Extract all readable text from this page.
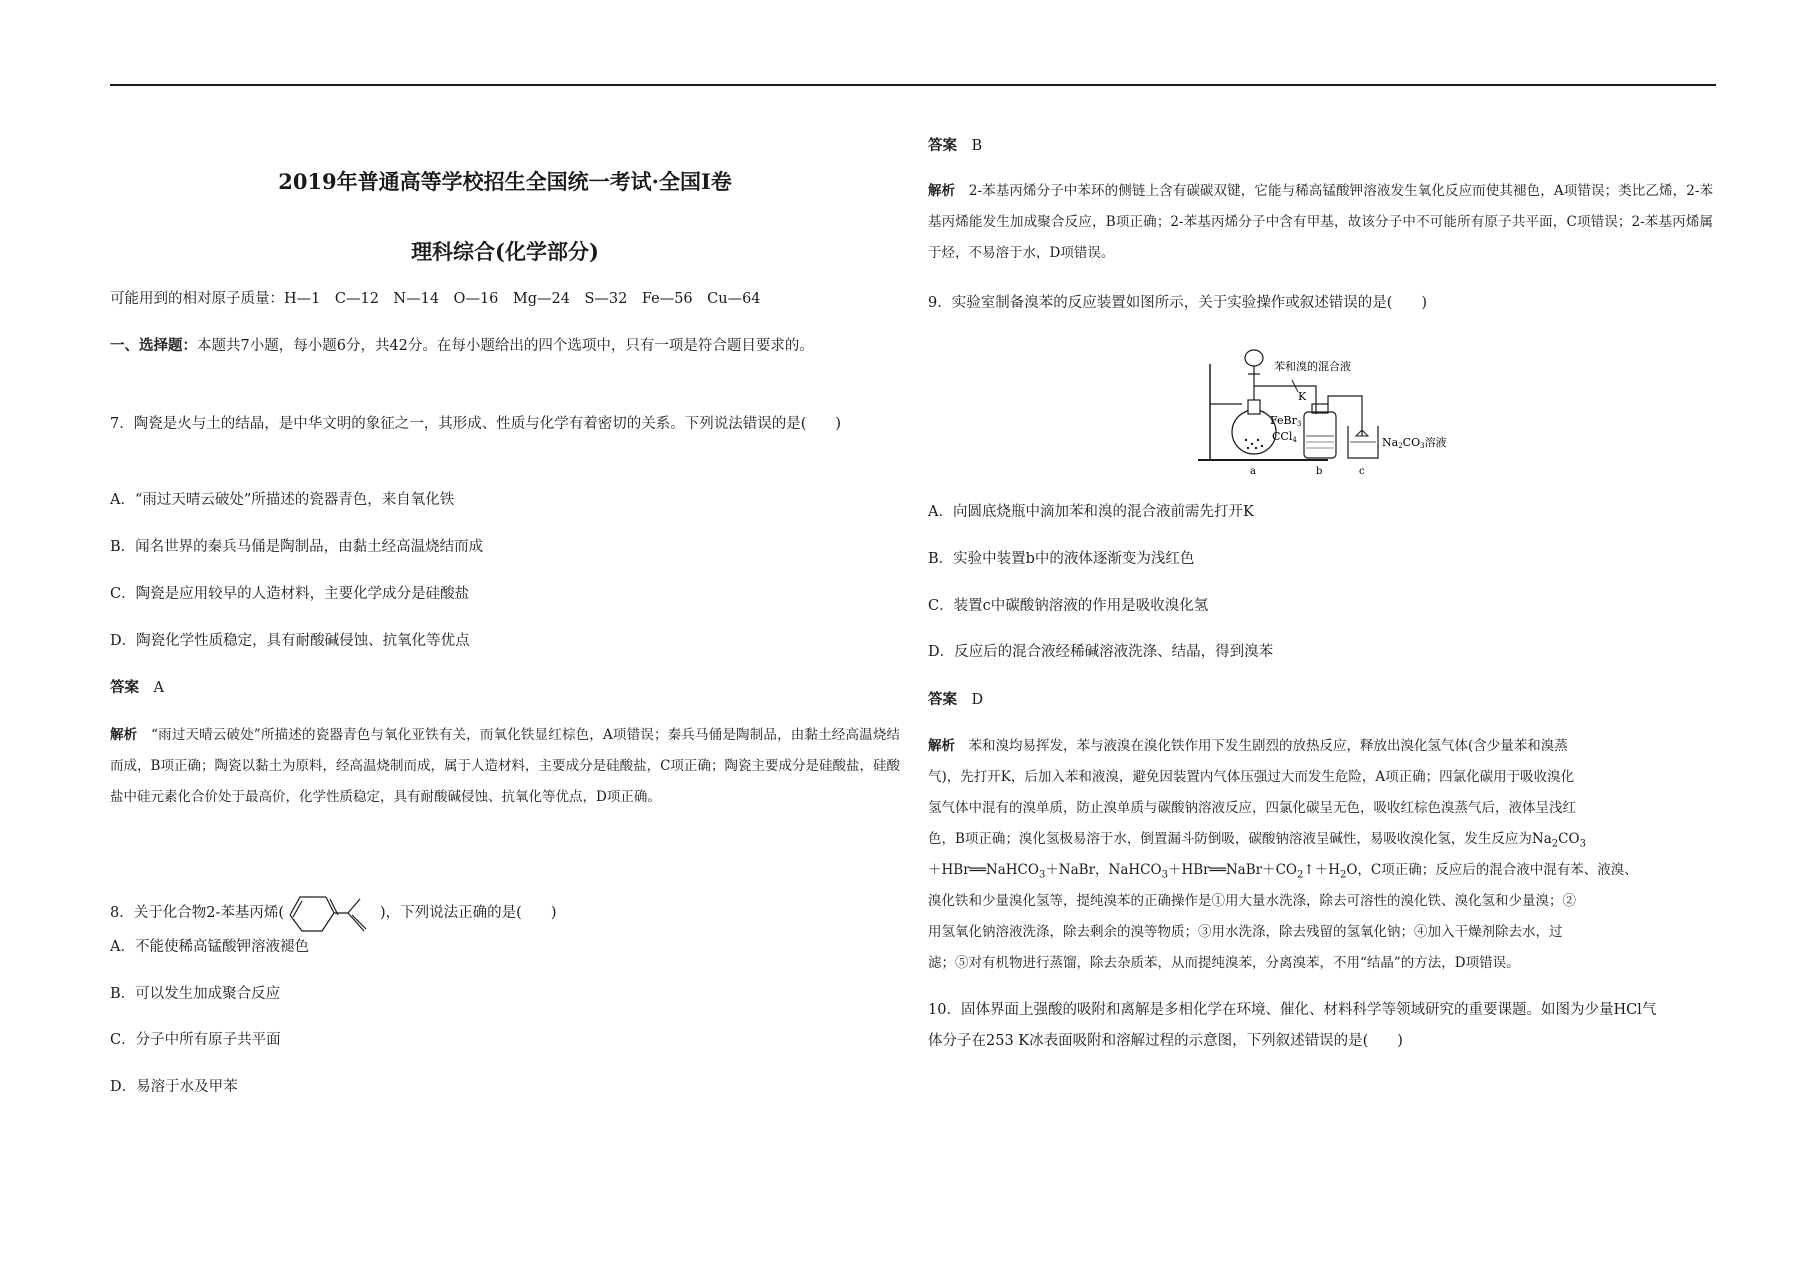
2019年普通高等学校招生全国统一考试·全国Ⅰ卷
理科综合(化学部分)
可能用到的相对原子质量：H—1　C—12　N—14　O—16　Mg—24　S—32　Fe—56　Cu—64
一、选择题：本题共7小题，每小题6分，共42分。在每小题给出的四个选项中，只有一项是符合题目要求的。
7．陶瓷是火与土的结晶，是中华文明的象征之一，其形成、性质与化学有着密切的关系。下列说法错误的是(　　)
A．“雨过天晴云破处”所描述的瓷器青色，来自氧化铁
B．闻名世界的秦兵马俑是陶制品，由黏土经高温烧结而成
C．陶瓷是应用较早的人造材料，主要化学成分是硅酸盐
D．陶瓷化学性质稳定，具有耐酸碱侵蚀、抗氧化等优点
答案　 A
解析　 “雨过天晴云破处”所描述的瓷器青色与氧化亚铁有关，而氧化铁显红棕色，A项错误；秦兵马俑是陶制品，由黏土经高温烧结而成，B项正确；陶瓷以黏土为原料，经高温烧制而成，属于人造材料，主要成分是硅酸盐，C项正确；陶瓷主要成分是硅酸盐，硅酸盐中硅元素化合价处于最高价，化学性质稳定，具有耐酸碱侵蚀、抗氧化等优点，D项正确。
8．关于化合物2-苯基丙烯(	)，下列说法正确的是(　　)
A．不能使稀高锰酸钾溶液褪色
B．可以发生加成聚合反应
C．分子中所有原子共平面
D．易溶于水及甲苯
答案　 B
解析　 2-苯基丙烯分子中苯环的侧链上含有碳碳双键，它能与稀高锰酸钾溶液发生氧化反应而使其褪色，A项错误；类比乙烯，2-苯基丙烯能发生加成聚合反应，B项正确；2-苯基丙烯分子中含有甲基，故该分子中不可能所有原子共平面，C项错误；2-苯基丙烯属于烃，不易溶于水，D项错误。
9．实验室制备溴苯的反应装置如图所示，关于实验操作或叙述错误的是(　　)
苯和溴的混合液
K
FeBr3
CCl4	Na2CO3溶液
a	b	c
A．向圆底烧瓶中滴加苯和溴的混合液前需先打开K
B．实验中装置b中的液体逐渐变为浅红色
C．装置c中碳酸钠溶液的作用是吸收溴化氢
D．反应后的混合液经稀碱溶液洗涤、结晶，得到溴苯
答案　 D
解析　 苯和溴均易挥发，苯与液溴在溴化铁作用下发生剧烈的放热反应，释放出溴化氢气体(含少量苯和溴蒸
气)，先打开K，后加入苯和液溴，避免因装置内气体压强过大而发生危险，A项正确；四氯化碳用于吸收溴化
氢气体中混有的溴单质，防止溴单质与碳酸钠溶液反应，四氯化碳呈无色，吸收红棕色溴蒸气后，液体呈浅红
色，B项正确；溴化氢极易溶于水，倒置漏斗防倒吸，碳酸钠溶液呈碱性，易吸收溴化氢，发生反应为$Na_2CO_3$
＋HBr══NaHCO$_3$＋NaBr，$NaHCO_3+HBr══NaBr+CO_2↑+H_2O$，C项正确；反应后的混合液中混有苯、液溴、
溴化铁和少量溴化氢等，提纯溴苯的正确操作是①用大量水洗涤，除去可溶性的溴化铁、溴化氢和少量溴；②
用氢氧化钠溶液洗涤，除去剩余的溴等物质；③用水洗涤，除去残留的氢氧化钠；④加入干燥剂除去水，过
滤；⑤对有机物进行蒸馏，除去杂质苯，从而提纯溴苯，分离溴苯，不用“结晶”的方法，D项错误。
10．固体界面上强酸的吸附和离解是多相化学在环境、催化、材料科学等领域研究的重要课题。如图为少量HCl气
体分子在253 K冰表面吸附和溶解过程的示意图，下列叙述错误的是(　　)
